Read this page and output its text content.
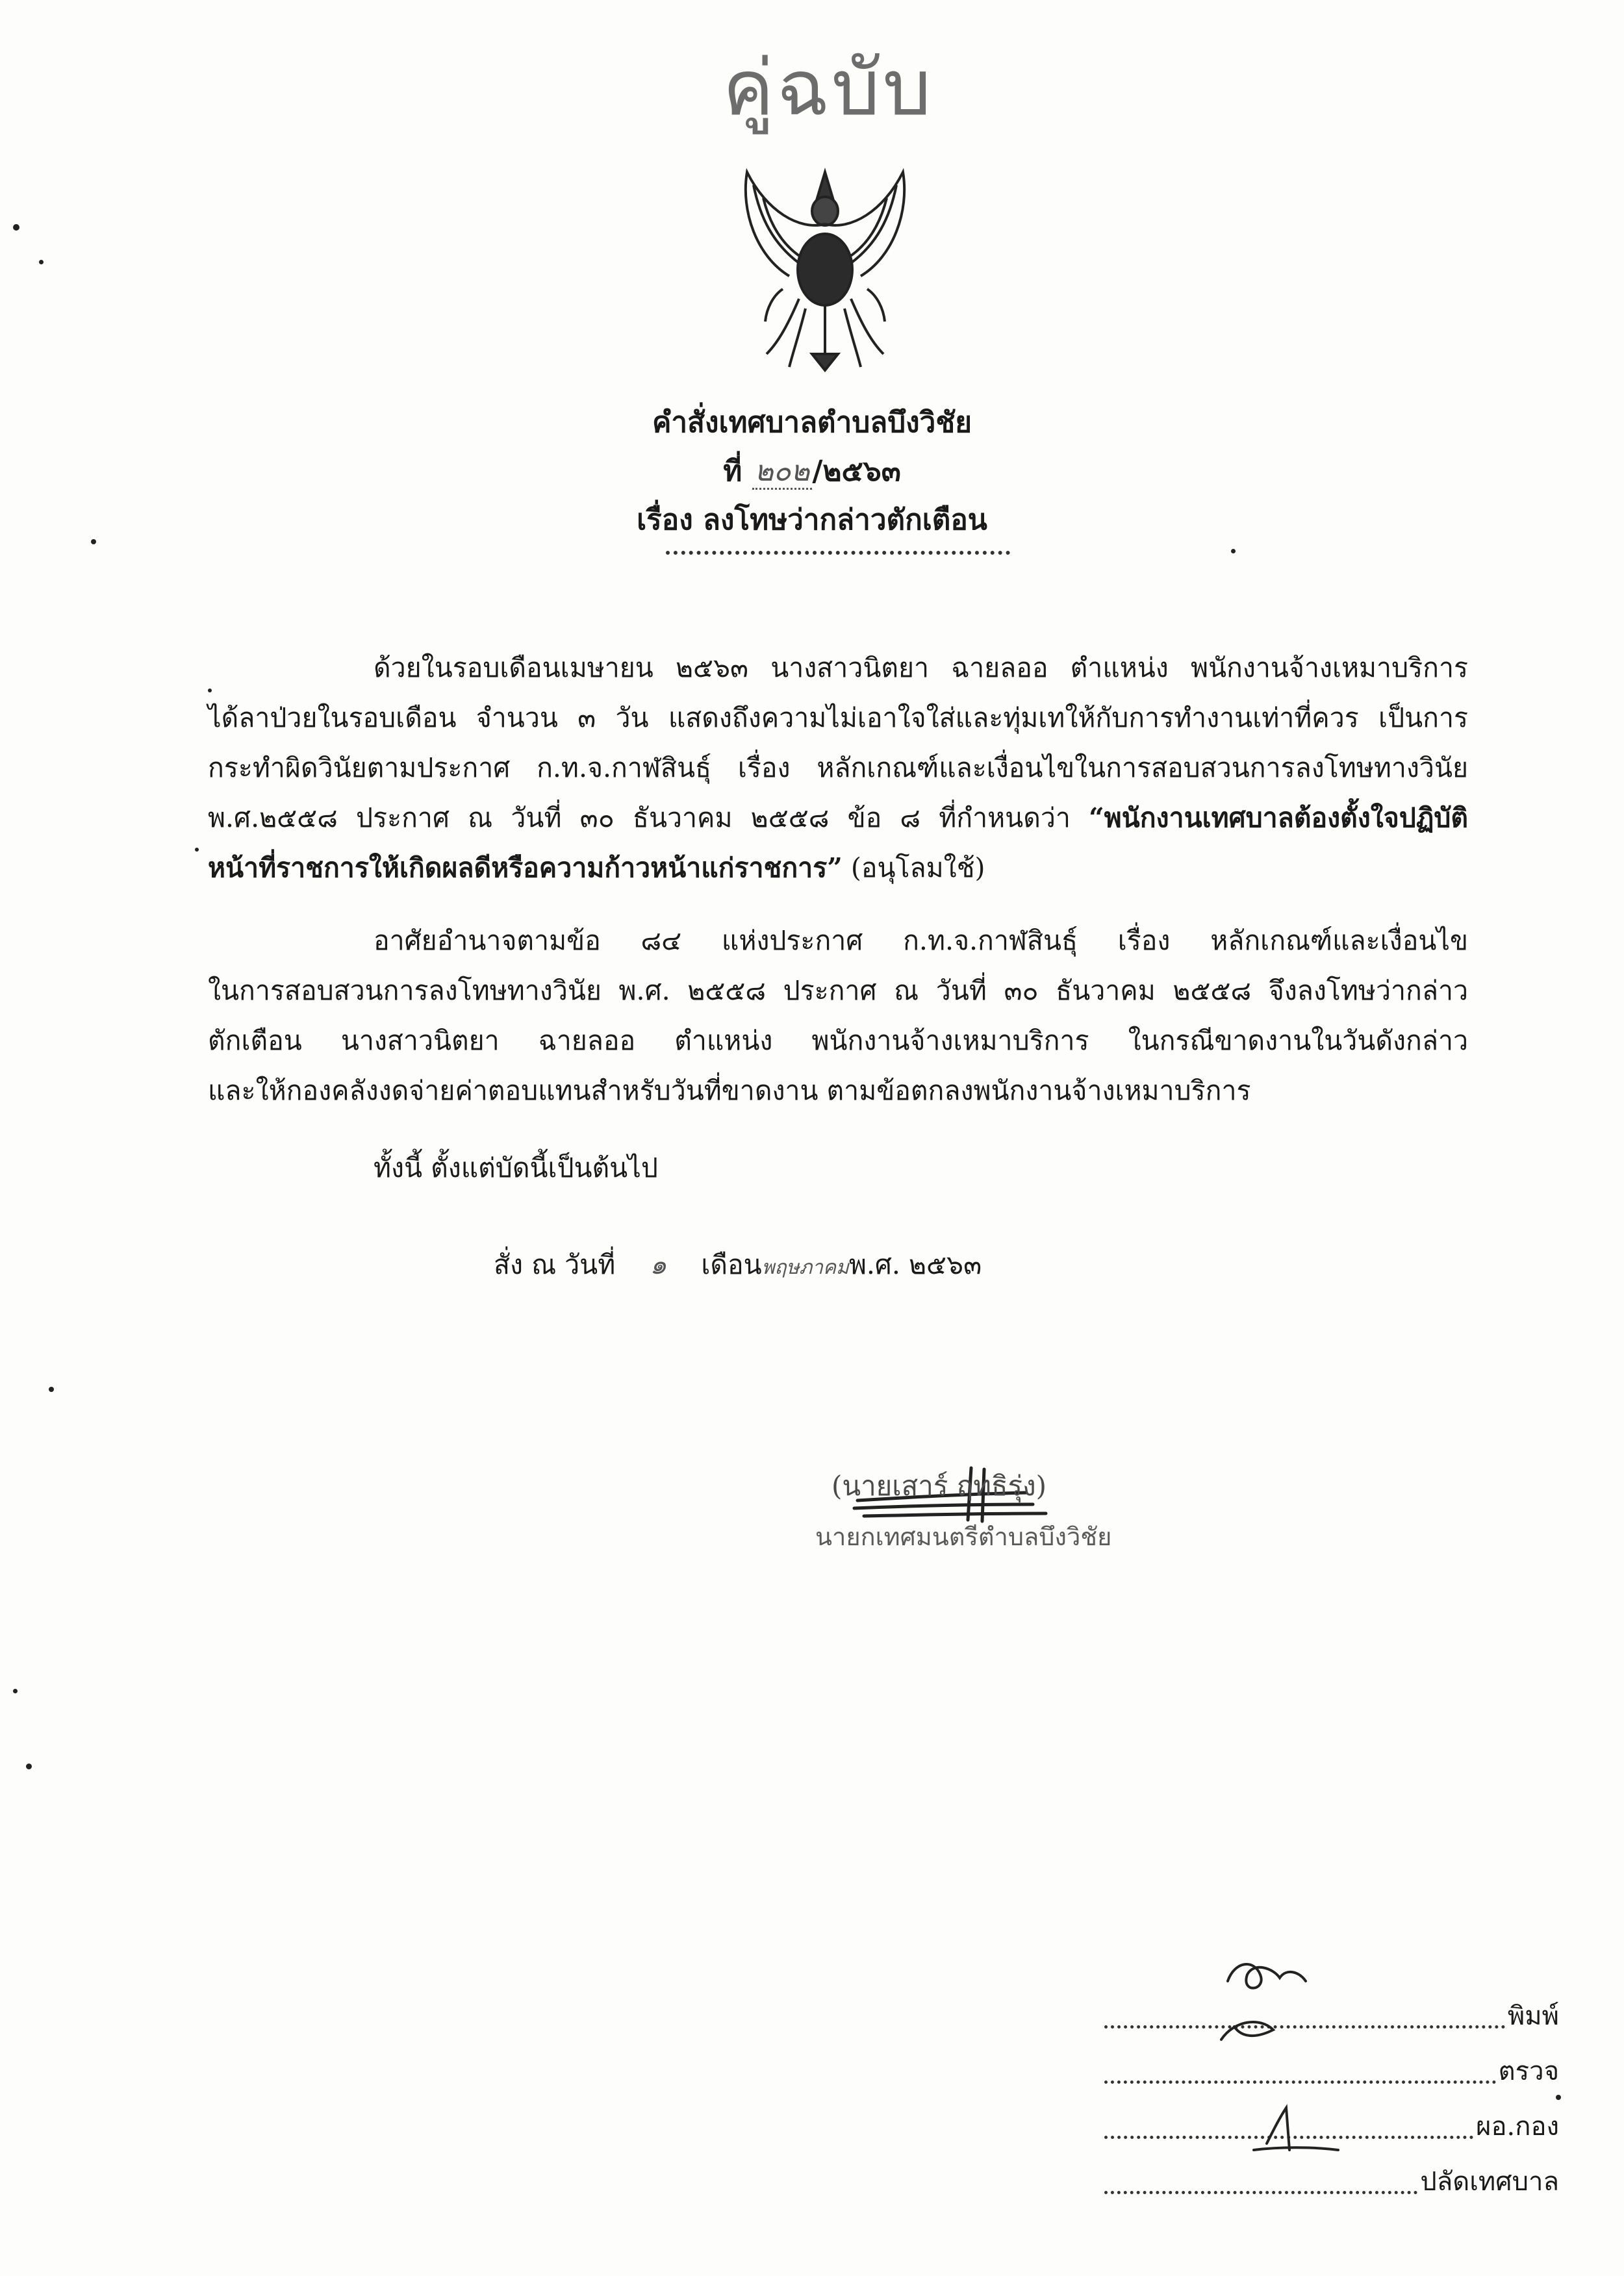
คู่ฉบับ
คำสั่งเทศบาลตำบลบึงวิชัย
ที่ ๒๐๒/๒๕๖๓
เรื่อง ลงโทษว่ากล่าวตักเตือน
ด้วยในรอบเดือนเมษายน ๒๕๖๓ นางสาวนิตยา ฉายลออ ตำแหน่ง พนักงานจ้างเหมาบริการ
ได้ลาป่วยในรอบเดือน จำนวน ๓ วัน แสดงถึงความไม่เอาใจใส่และทุ่มเทให้กับการทำงานเท่าที่ควร เป็นการ
กระทำผิดวินัยตามประกาศ ก.ท.จ.กาฬสินธุ์ เรื่อง หลักเกณฑ์และเงื่อนไขในการสอบสวนการลงโทษทางวินัย
พ.ศ.๒๕๕๘ ประกาศ ณ วันที่ ๓๐ ธันวาคม ๒๕๕๘ ข้อ ๘ ที่กำหนดว่า “พนักงานเทศบาลต้องตั้งใจปฏิบัติ
หน้าที่ราชการให้เกิดผลดีหรือความก้าวหน้าแก่ราชการ” (อนุโลมใช้)
อาศัยอำนาจตามข้อ ๘๔ แห่งประกาศ ก.ท.จ.กาฬสินธุ์ เรื่อง หลักเกณฑ์และเงื่อนไข
ในการสอบสวนการลงโทษทางวินัย พ.ศ. ๒๕๕๘ ประกาศ ณ วันที่ ๓๐ ธันวาคม ๒๕๕๘ จึงลงโทษว่ากล่าว
ตักเตือน นางสาวนิตยา ฉายลออ ตำแหน่ง พนักงานจ้างเหมาบริการ ในกรณีขาดงานในวันดังกล่าว
และให้กองคลังงดจ่ายค่าตอบแทนสำหรับวันที่ขาดงาน ตามข้อตกลงพนักงานจ้างเหมาบริการ
ทั้งนี้ ตั้งแต่บัดนี้เป็นต้นไป
สั่ง ณ วันที่ ๑ เดือนพฤษภาคมพ.ศ. ๒๕๖๓
(นายเสาร์ ฤทธิรุ่ง)
นายกเทศมนตรีตำบลบึงวิชัย
พิมพ์
ตรวจ
ผอ.กอง
ปลัดเทศบาล
